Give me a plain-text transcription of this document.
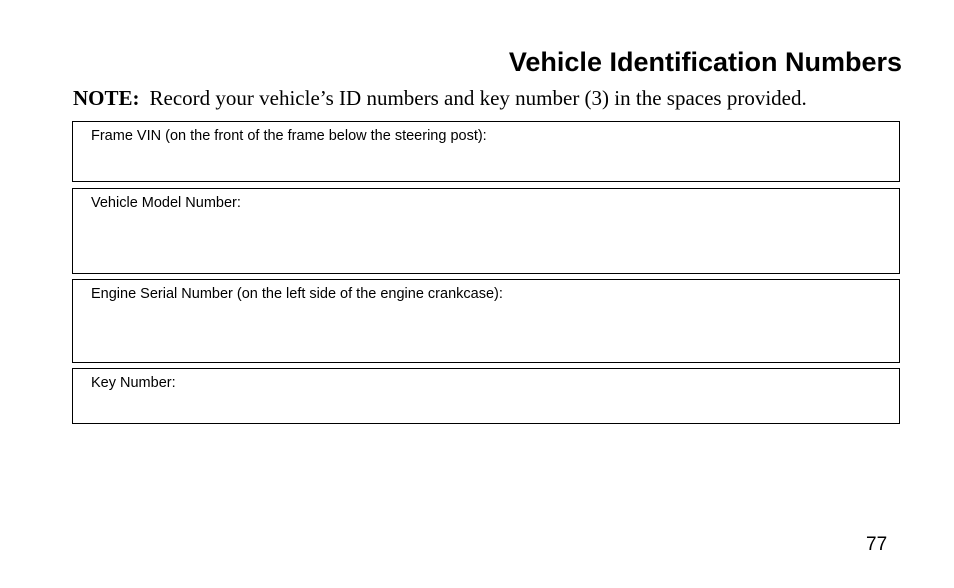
Vehicle Identification Numbers
NOTE: Record your vehicle’s ID numbers and key number (3) in the spaces provided.
Frame VIN (on the front of the frame below the steering post):
Vehicle Model Number:
Engine Serial Number (on the left side of the engine crankcase):
Key Number:
77
